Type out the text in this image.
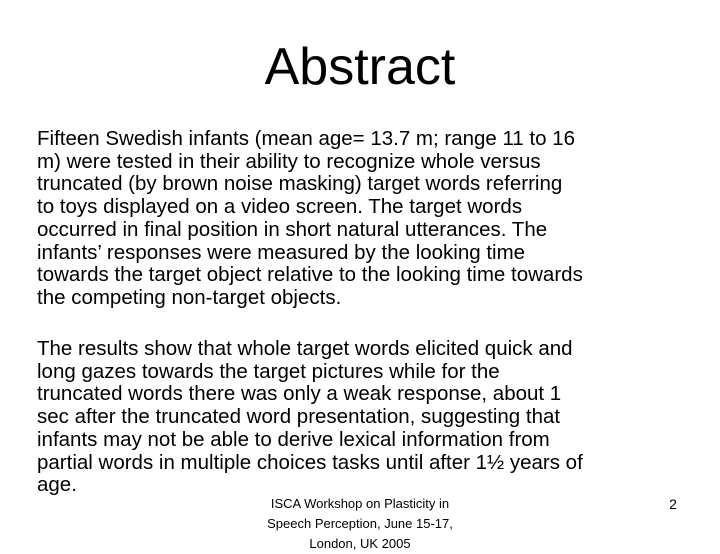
Abstract

Fifteen Swedish infants (mean age= 13.7 m; range 11 to 16
m) were tested in their ability to recognize whole versus
truncated (by brown noise masking) target words referring
to toys displayed on a video screen. The target words
occurred in final position in short natural utterances. The
infants’ responses were measured by the looking time
towards the target object relative to the looking time towards
the competing non-target objects.

The results show that whole target words elicited quick and
long gazes towards the target pictures while for the
truncated words there was only a weak response, about 1
sec after the truncated word presentation, suggesting that
infants may not be able to derive lexical information from
partial words in multiple choices tasks until after 1½ years of
age.

ISCA Workshop on Plasticity in
Speech Perception, June 15-17,
London, UK 2005
2
